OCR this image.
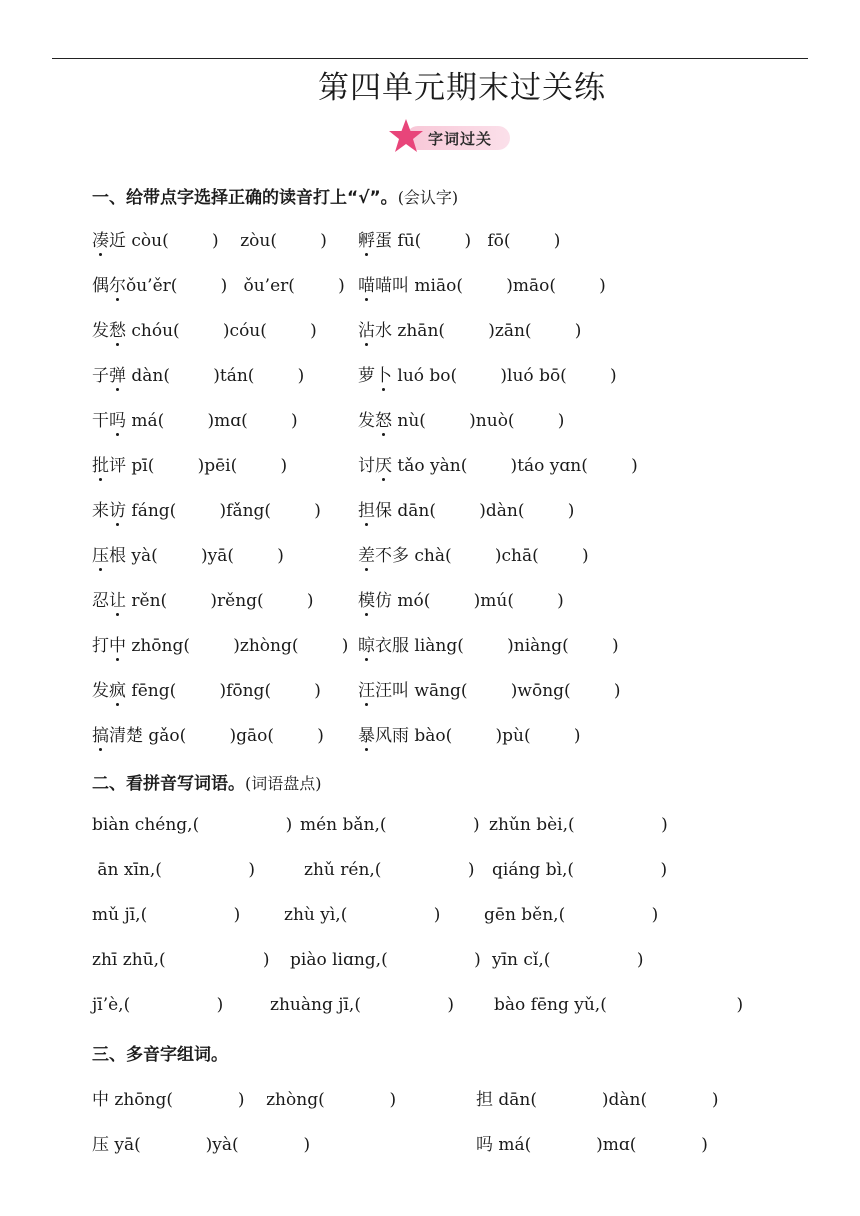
第四单元期末过关练
字词过关
一、给带点字选择正确的读音打上“√”。(会认字)
凑近 còu(        )    zòu(        ) 孵蛋 fū(        )   fō(        )
偶尔ǒu’ěr(        )   ǒu’er(        ) 喵喵叫 miāo(        )māo(        )
发愁 chóu(        )cóu(        ) 沾水 zhān(        )zān(        )
子弹 dàn(        )tán(        )	萝卜 luó bo(        )luó bō(        )
干吗 má(        )mɑ(        )	发怒 nù(        )nuò(        )
批评 pī(        )pēi(        )	讨厌 tǎo yàn(        )táo yɑn(        )
来访 fáng(        )fǎng(        ) 担保 dān(        )dàn(        )
压根 yà(        )yā(        )	差不多 chà(        )chā(        )
忍让 rěn(        )rěng(        )	模仿 mó(        )mú(        )
打中 zhōng(        )zhòng(        ) 晾衣服 liàng(        )niàng(        )
发疯 fēng(        )fōng(        ) 汪汪叫 wāng(        )wōng(        )
搞清楚 gǎo(        )gāo(        ) 暴风雨 bào(        )pù(        )
二、看拼音写词语。(词语盘点)
biàn chéng,(                ) mén bǎn,(                ) zhǔn bèi,(                )
ān xīn,(                )	zhǔ rén,(                ) qiáng bì,(                )
mǔ jī,(                )	zhù yì,(                )	gēn běn,(                )
zhī zhū,(                  ) piào liɑng,(                ) yīn cǐ,(                )
jī’è,(                )	zhuàng jī,(                ) bào fēng yǔ,(                        )
三、多音字组词。
中 zhōng(            )    zhòng(            )	担 dān(            )dàn(            )
压 yā(            )yà(            )	吗 má(            )mɑ(            )
